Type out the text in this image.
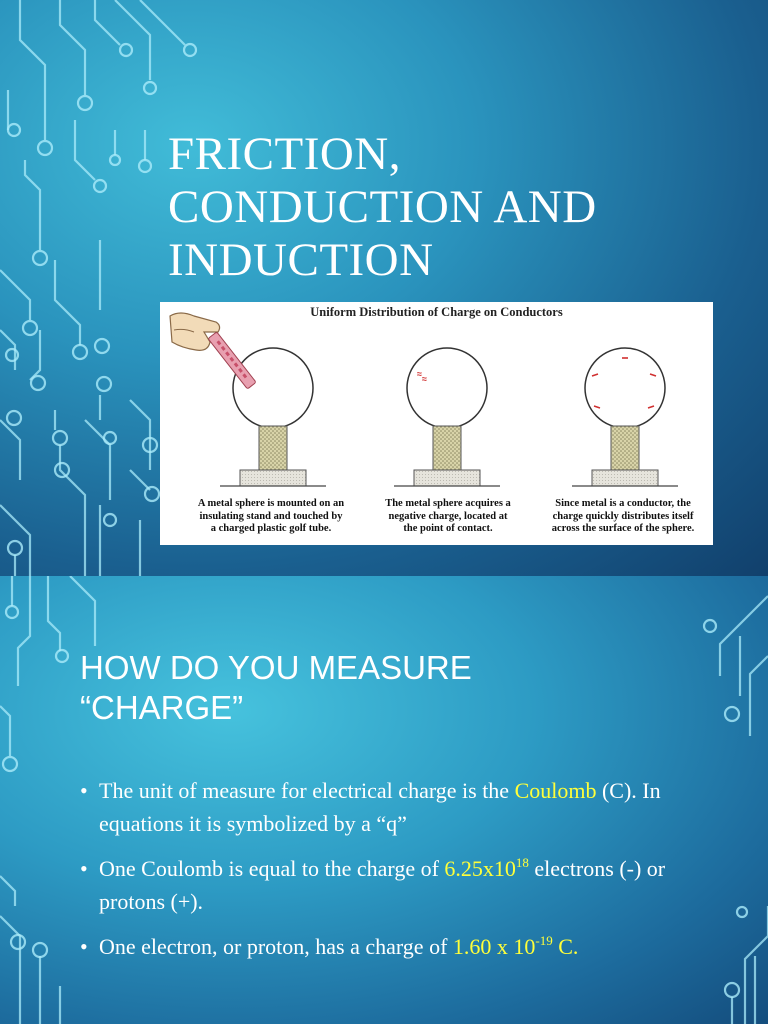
FRICTION,
CONDUCTION AND
INDUCTION
Uniform Distribution of Charge on Conductors
≈ ≈
A metal sphere is mounted on an
insulating stand and touched by
a charged plastic golf tube.
The metal sphere acquires a
negative charge, located at
the point of contact.
Since metal is a conductor, the
charge quickly distributes itself
across the surface of the sphere.
HOW DO YOU MEASURE
“CHARGE”
• The unit of measure for electrical charge is the Coulomb (C). In equations it is symbolized by a “q”
• One Coulomb is equal to the charge of $6.25x10^{18}$ electrons (-) or protons (+).
• One electron, or proton, has a charge of 1.60 x $10^{-19}$ C.
